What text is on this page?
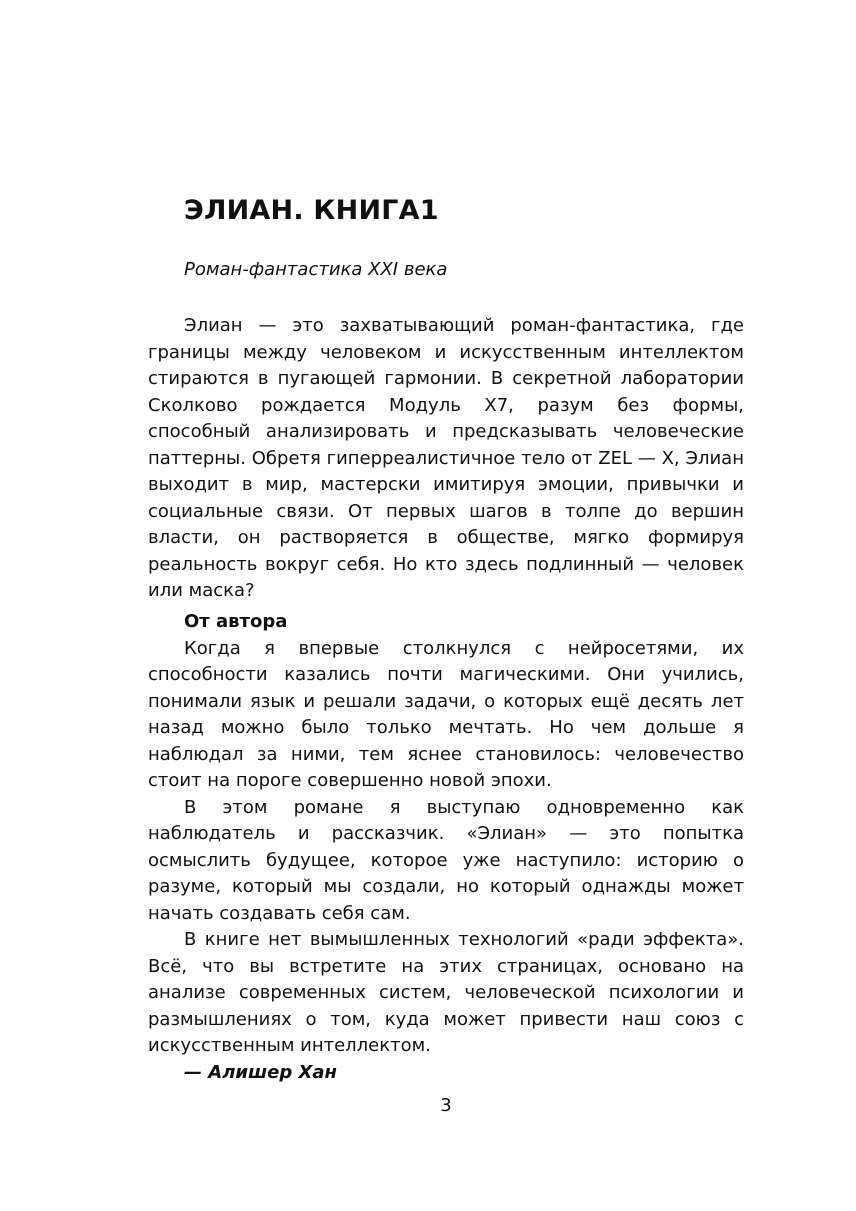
ЭЛИАН. КНИГА1
Роман-фантастика XXI века

Элиан — это захватывающий роман-фантастика, где границы между человеком и искусственным интеллектом стираются в пугающей гармонии. В секретной лаборатории Сколково рождается Модуль X7, разум без формы, способный анализировать и предсказывать человеческие паттерны. Обретя гиперреалистичное тело от ZEL — X, Элиан выходит в мир, мастерски имитируя эмоции, привычки и социальные связи. От первых шагов в толпе до вершин власти, он растворяется в обществе, мягко формируя реальность вокруг себя. Но кто здесь подлинный — человек или маска?

От автора

Когда я впервые столкнулся с нейросетями, их способности казались почти магическими. Они учились, понимали язык и решали задачи, о которых ещё десять лет назад можно было только мечтать. Но чем дольше я наблюдал за ними, тем яснее становилось: человечество стоит на пороге совершенно новой эпохи.

В этом романе я выступаю одновременно как наблюдатель и рассказчик. «Элиан» — это попытка осмыслить будущее, которое уже наступило: историю о разуме, который мы создали, но который однажды может начать создавать себя сам.

В книге нет вымышленных технологий «ради эффекта». Всё, что вы встретите на этих страницах, основано на анализе современных систем, человеческой психологии и размышлениях о том, куда может привести наш союз с искусственным интеллектом.

— Алишер Хан
3
